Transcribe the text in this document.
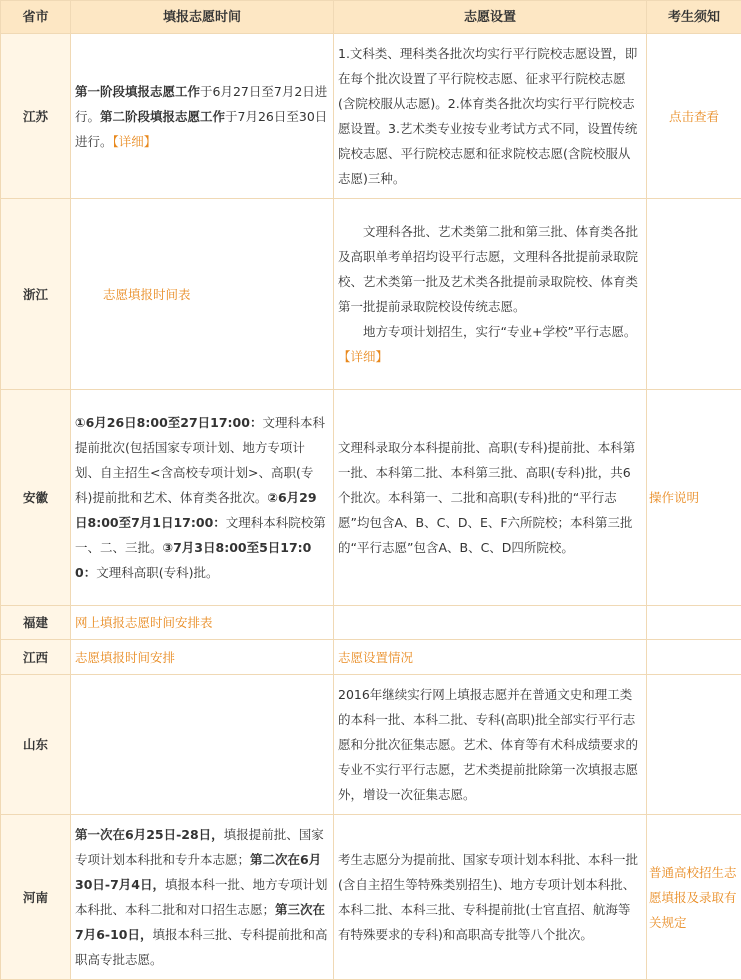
省市	填报志愿时间	志愿设置	考生须知
江苏	第一阶段填报志愿工作于6月27日至7月2日进行。第二阶段填报志愿工作于7月26日至30日进行。【详细】	1.文科类、理科类各批次均实行平行院校志愿设置，即在每个批次设置了平行院校志愿、征求平行院校志愿(含院校服从志愿)。2.体育类各批次均实行平行院校志愿设置。3.艺术类专业按专业考试方式不同，设置传统院校志愿、平行院校志愿和征求院校志愿(含院校服从志愿)三种。	点击查看
浙江	志愿填报时间表	文理科各批、艺术类第二批和第三批、体育类各批及高职单考单招均设平行志愿，文理科各批提前录取院校、艺术类第一批及艺术类各批提前录取院校、体育类第一批提前录取院校设传统志愿。
地方专项计划招生，实行“专业+学校”平行志愿。【详细】	

安徽	①6月26日8:00至27日17:00：文理科本科提前批次(包括国家专项计划、地方专项计划、自主招生<含高校专项计划>、高职(专科)提前批和艺术、体育类各批次。②6月29日8:00至7月1日17:00：文理科本科院校第一、二、三批。③7月3日8:00至5日17:00：文理科高职(专科)批。	文理科录取分本科提前批、高职(专科)提前批、本科第一批、本科第二批、本科第三批、高职(专科)批，共6个批次。本科第一、二批和高职(专科)批的“平行志愿”均包含A、B、C、D、E、F六所院校；本科第三批的“平行志愿”包含A、B、C、D四所院校。	操作说明
福建	网上填报志愿时间安排表		
江西	志愿填报时间安排	志愿设置情况	
山东		2016年继续实行网上填报志愿并在普通文史和理工类的本科一批、本科二批、专科(高职)批全部实行平行志愿和分批次征集志愿。艺术、体育等有术科成绩要求的专业不实行平行志愿，艺术类提前批除第一次填报志愿外，增设一次征集志愿。	
河南	第一次在6月25日-28日，填报提前批、国家专项计划本科批和专升本志愿；第二次在6月30日-7月4日，填报本科一批、地方专项计划本科批、本科二批和对口招生志愿；第三次在7月6-10日，填报本科三批、专科提前批和高职高专批志愿。	考生志愿分为提前批、国家专项计划本科批、本科一批(含自主招生等特殊类别招生)、地方专项计划本科批、本科二批、本科三批、专科提前批(士官直招、航海等有特殊要求的专科)和高职高专批等八个批次。	普通高校招生志愿填报及录取有关规定
